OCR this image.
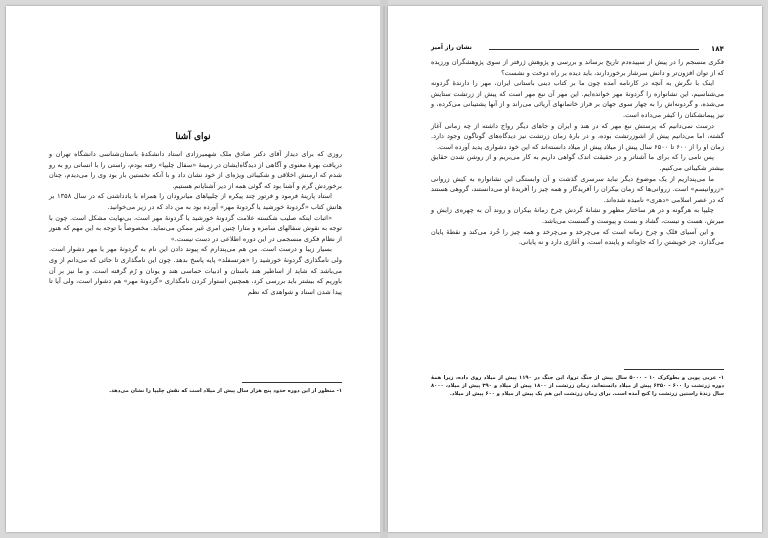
نوای آشنا

روزی که برای دیدار آقای دکتر صادق ملک شهمیرزادی استاد دانشکدهٔ باستان‌شناسی دانشگاه تهران و دریافت بهرهٔ معنوی و آگاهی از دیدگاه‌ایشان در زمینهٔ «سفال چلیپا» رفته بودم، راستی را با انسانی رو به رو شدم که ارمنش اخلاقی و شکیبائی ویژه‌ای از خود نشان داد و با آنکه نخستین بار بود وی را می‌دیدم، چنان برخوردش گرم و آشنا بود که گوئی همه از دیر آشنایانم هستیم.

استاد پارینهٔ فرمود و فرتور چند پیکره از چلیپاهای میانرودان را همراه با یادداشتی که در سال ۱۳۵۸ بر هاتش کتاب «گردونهٔ خورشید یا گردونهٔ مهر» آورده بود به من داد که در زیر می‌خوانید.

«اثبات اینکه صلیب شکسته علامت گردونهٔ خورشید یا گردونهٔ مهر است، بی‌نهایت مشکل است. چون با توجه به نقوش سفالهای سامره و متارا چنین امری غیر ممکن می‌نماید. مخصوصاً با توجه به این مهم که هنوز از نظام فکری منسجمی در این دوره اطلاعی در دست نیست.»

بسیار زیبا و درست است. من هم می‌پندارم که پیوند دادن این نام به گردونهٔ مهر یا مهر دشوار است. ولی نامگذاری گردونهٔ خورشید را «هرتسفلد» پایه پاسخ بدهد. چون این نامگذاری تا جائی که می‌دانم از وی می‌باشد که شاید از اساطیر هند باستان و ادبیات حماسی هند و یونان و رُم گرفته است. و ما نیز بر آن باوریم که بیشتر باید بررسی کرد، همچنین استوار کردن نامگذاری «گردونهٔ مهر» هم دشوار است، ولی آیا تا پیدا شدن اسناد و شواهدی که نظم

۱- منظور از این دوره حدود پنج هزار سال پیش از میلاد است که نقش چلیپا را نشان می‌دهد.
۱۸۴
نشان راز آمیز

فکری منسجم را در پیش از سپیده‌دم تاریخ برساند و بررسی و پژوهش ژرفتر از سوی پژوهشگران ورزیده که از توان افزون‌تر و دانش سرشار برخوردارند، باید دیده بر راه دوخت و نشست؟

اینک با نگرش به آنچه در کارنامه آمده چون ما بر کتاب دینی باستانی ایران، مهر را دارندهٔ گردونه می‌شناسیم، این نشانواره را گردونهٔ مهر خوانده‌ایم. این مهر آن نبع مهر است که پیش از زرتشت ستایش می‌شده، و گردونه‌اش را به چهار سوی جهان بر فراز خانمانهای آریائی می‌راند و از آنها پشتیبانی می‌کرده، و نیز پیمانشکنان را کیفر می‌داده است.

درست نمی‌دانیم که پرستش نبع مهر که در هند و ایران و جاهای دیگر رواج داشته از چه زمانی آغاز گشته، اما می‌دانیم پیش از اشوزرتشت بوده، و در بارهٔ زمان زرتشت نیز دیدگاه‌های گوناگون وجود دارد. زمان او را از ۶۰۰ تا ۶۵۰۰ سال پیش از میلاد پیش از میلاد دانسته‌اند که این خود دشواری پدید آورده است.

پس نامی را که برای ما آشناتر و در حقیقت اندک گواهی داریم به کار می‌بریم و از روشن شدن حقایق بیشتر شکیبائی می‌کنیم.

ما می‌پنداریم از یک موضوع دیگر نباید سرسری گذشت و آن وابستگی این نشانواره به کیش زروانی «زروانیسم» است. زروانی‌ها که زمان بیکران را آفریدگار و همه چیز را آفریدهٔ او می‌دانستند، گروهی هستند که در عصر اسلامی «دهری» نامیده شده‌اند.

چلیپا به هرگونه و در هر ساختار مظهر و نشانهٔ گردش چرخ زمانهٔ بیکران و روند آن به چهره‌ی زایش و میرش، هست و نیست، گشاد و بست و پیوست و گسست می‌باشد.

و این آسیای فلک و چرخ زمانه است که می‌چرخد و می‌چرخد و همه چیز را خُرد می‌کند و نقطهٔ پایان می‌گذارد، جز خویشتن را که جاودانه و پاینده است، و آغازی دارد و نه پایانی.

۱- عربی پوپی و بطوکرک ۱۰ - ۵۰۰۰ سال پیش از جنگ تروا، این جنگ در ۱۱۹۰ پیش از میلاد روی داده، زیرا همهٔ دوره زرتشت را ۶۰۰ - ۶۳۵۰ پیش از میلاد دانسته‌اند، زمان زرتشت از ۱۸۰۰ پیش از میلاد و ۳۹۰ پیش از میلاد، ۸۰۰۰ سال زندهٔ راستین زرتشت را کنج آمده است. برای زمان زرتشت این هم یک پیش از میلاد و ۶۰۰ پیش از میلاد.
